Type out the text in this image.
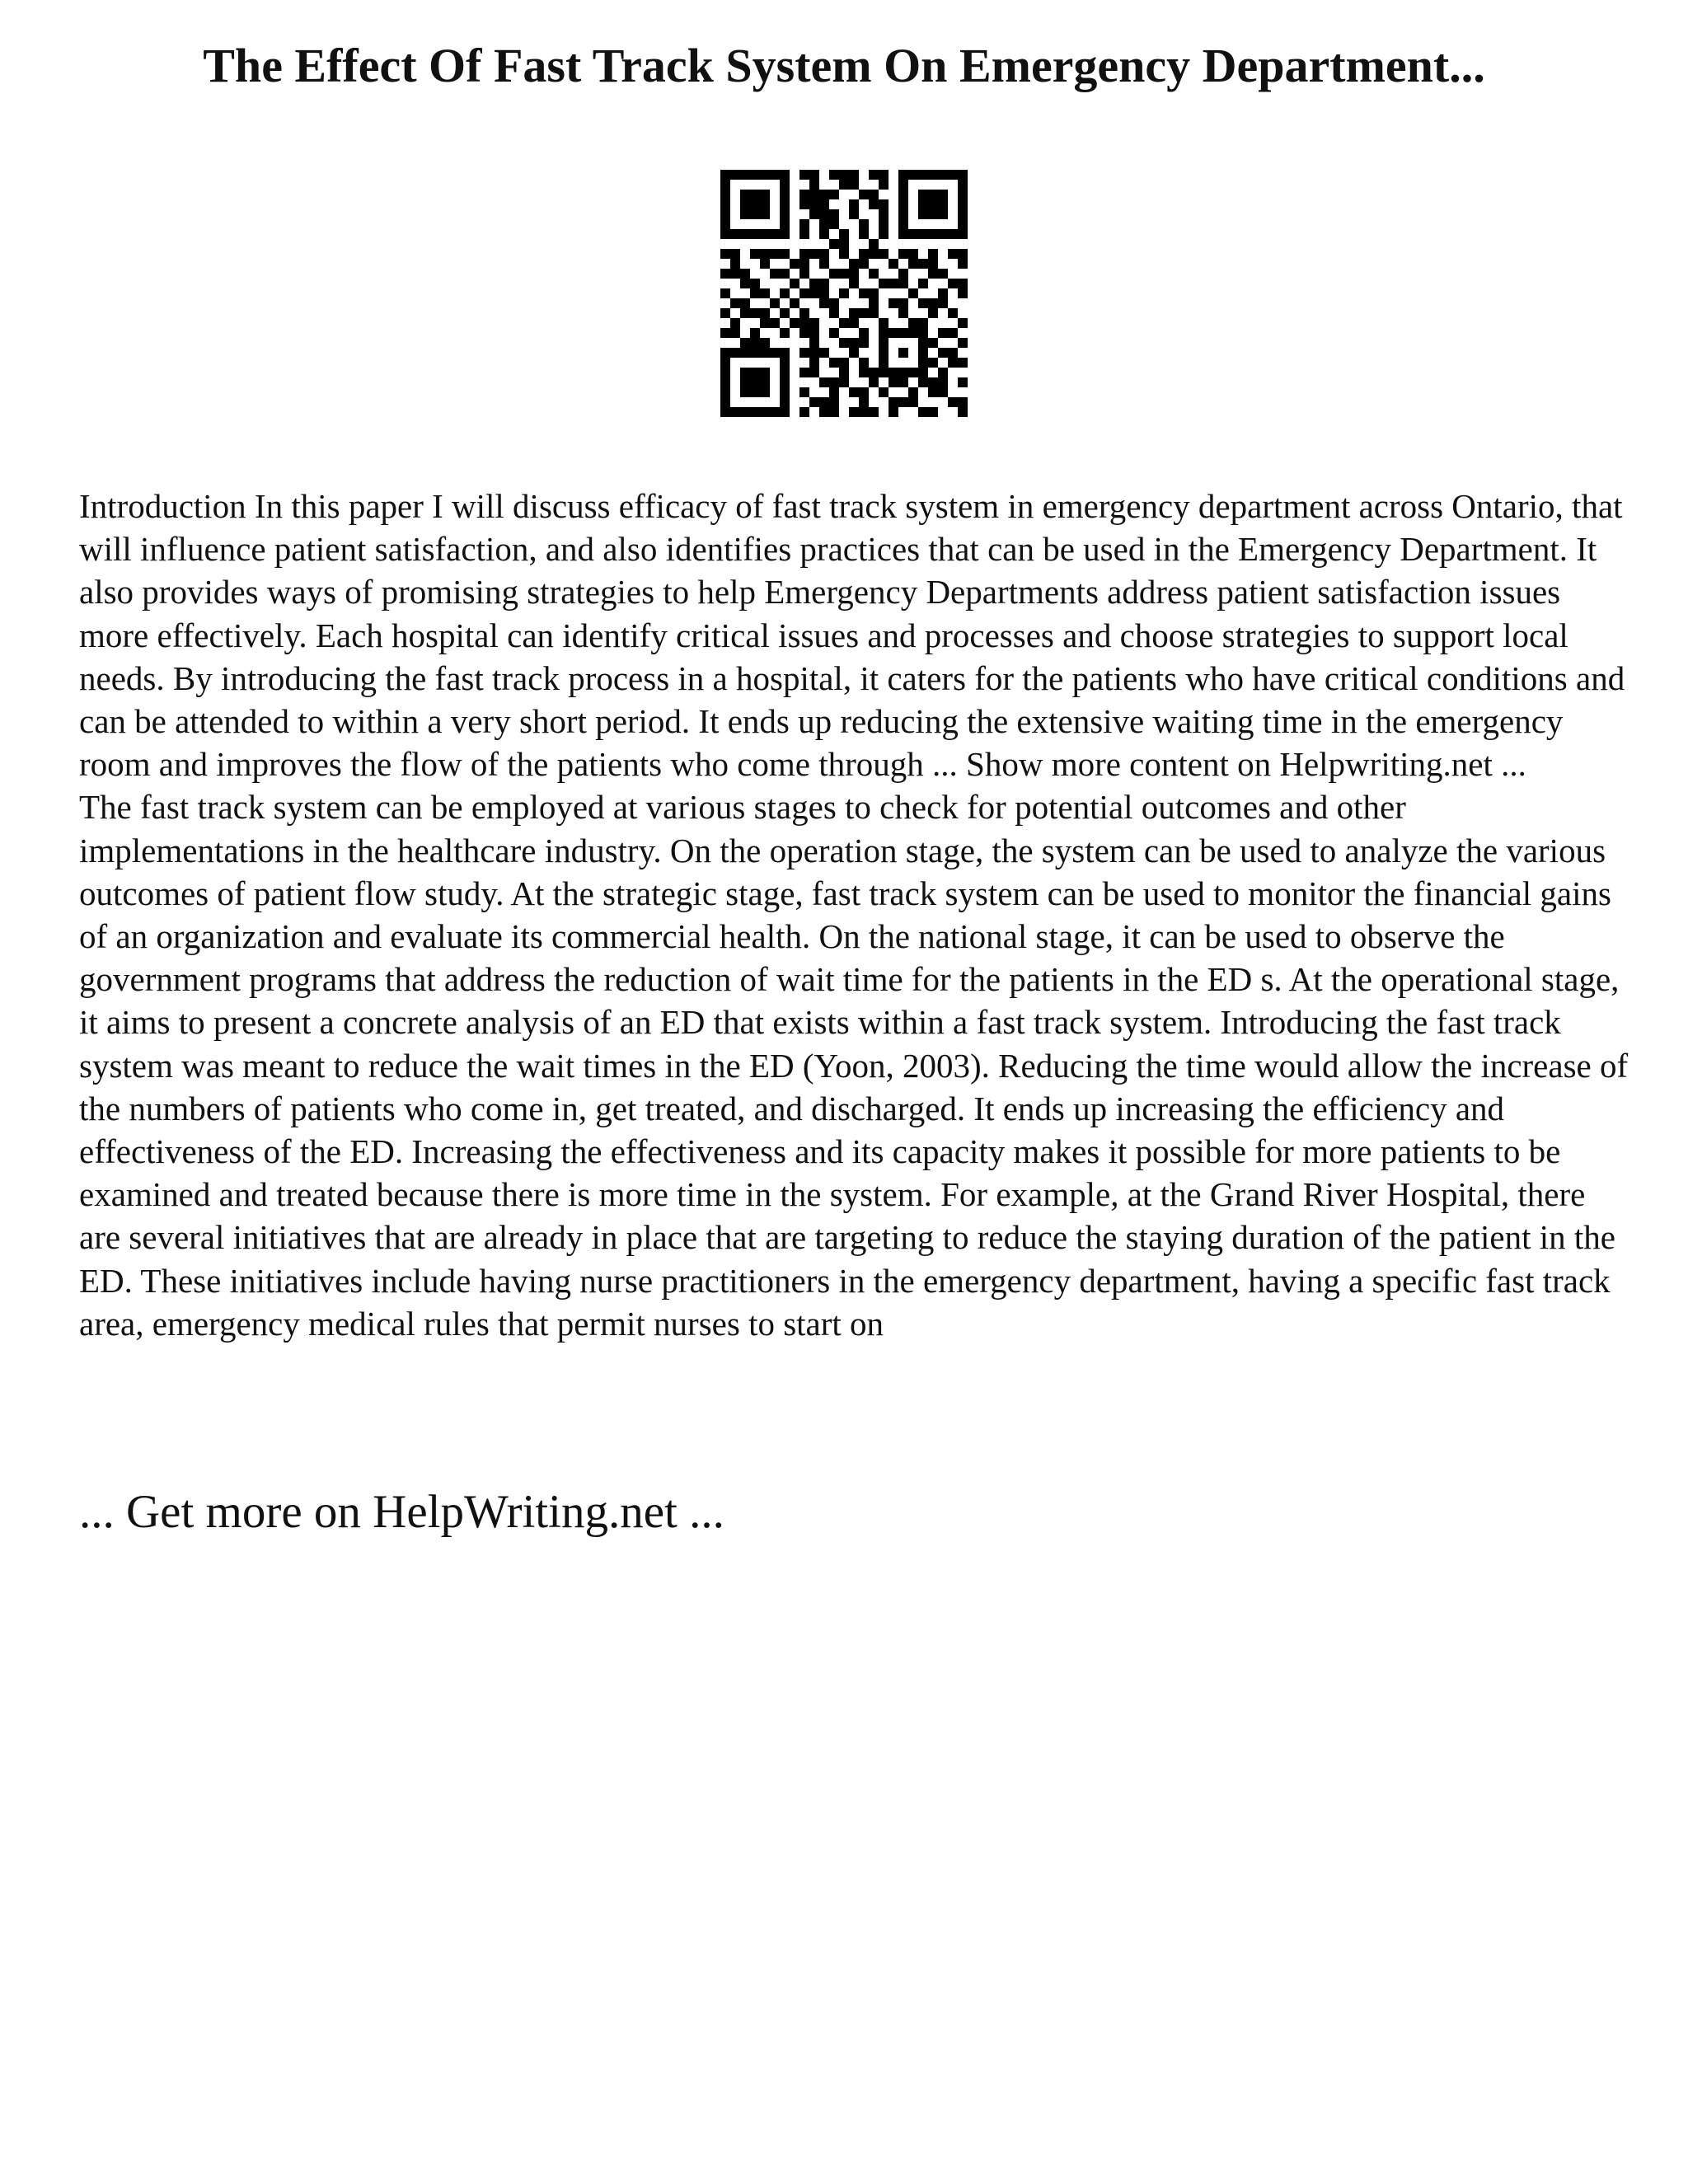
The Effect Of Fast Track System On Emergency Department...

Introduction In this paper I will discuss efficacy of fast track system in emergency department across Ontario, that will influence patient satisfaction, and also identifies practices that can be used in the Emergency Department. It also provides ways of promising strategies to help Emergency Departments address patient satisfaction issues more effectively. Each hospital can identify critical issues and processes and choose strategies to support local needs. By introducing the fast track process in a hospital, it caters for the patients who have critical conditions and can be attended to within a very short period. It ends up reducing the extensive waiting time in the emergency room and improves the flow of the patients who come through ... Show more content on Helpwriting.net ...

The fast track system can be employed at various stages to check for potential outcomes and other implementations in the healthcare industry. On the operation stage, the system can be used to analyze the various outcomes of patient flow study. At the strategic stage, fast track system can be used to monitor the financial gains of an organization and evaluate its commercial health. On the national stage, it can be used to observe the government programs that address the reduction of wait time for the patients in the ED s. At the operational stage, it aims to present a concrete analysis of an ED that exists within a fast track system. Introducing the fast track system was meant to reduce the wait times in the ED (Yoon, 2003). Reducing the time would allow the increase of the numbers of patients who come in, get treated, and discharged. It ends up increasing the efficiency and effectiveness of the ED. Increasing the effectiveness and its capacity makes it possible for more patients to be examined and treated because there is more time in the system. For example, at the Grand River Hospital, there are several initiatives that are already in place that are targeting to reduce the staying duration of the patient in the ED. These initiatives include having nurse practitioners in the emergency department, having a specific fast track area, emergency medical rules that permit nurses to start on

... Get more on HelpWriting.net ...
